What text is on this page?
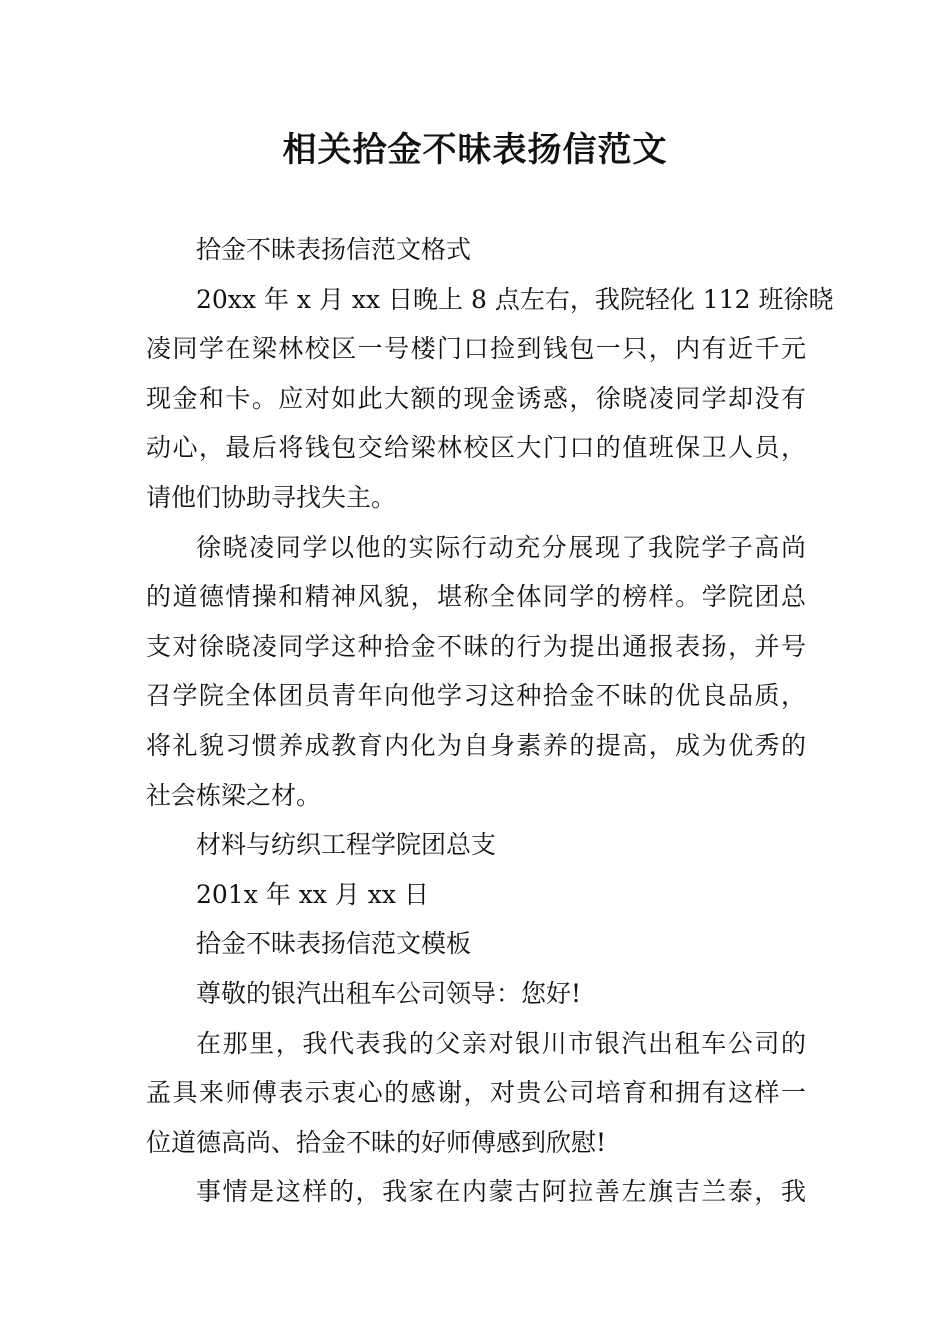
相关拾金不昧表扬信范文

拾金不昧表扬信范文格式

20xx 年 x 月 xx 日晚上 8 点左右，我院轻化 112 班徐晓
凌同学在梁林校区一号楼门口捡到钱包一只，内有近千元
现金和卡。应对如此大额的现金诱惑，徐晓凌同学却没有
动心，最后将钱包交给梁林校区大门口的值班保卫人员，
请他们协助寻找失主。

徐晓凌同学以他的实际行动充分展现了我院学子高尚
的道德情操和精神风貌，堪称全体同学的榜样。学院团总
支对徐晓凌同学这种拾金不昧的行为提出通报表扬，并号
召学院全体团员青年向他学习这种拾金不昧的优良品质，
将礼貌习惯养成教育内化为自身素养的提高，成为优秀的
社会栋梁之材。

材料与纺织工程学院团总支

201x 年 xx 月 xx 日

拾金不昧表扬信范文模板

尊敬的银汽出租车公司领导：您好!

在那里，我代表我的父亲对银川市银汽出租车公司的
孟具来师傅表示衷心的感谢，对贵公司培育和拥有这样一
位道德高尚、拾金不昧的好师傅感到欣慰!

事情是这样的，我家在内蒙古阿拉善左旗吉兰泰，我
